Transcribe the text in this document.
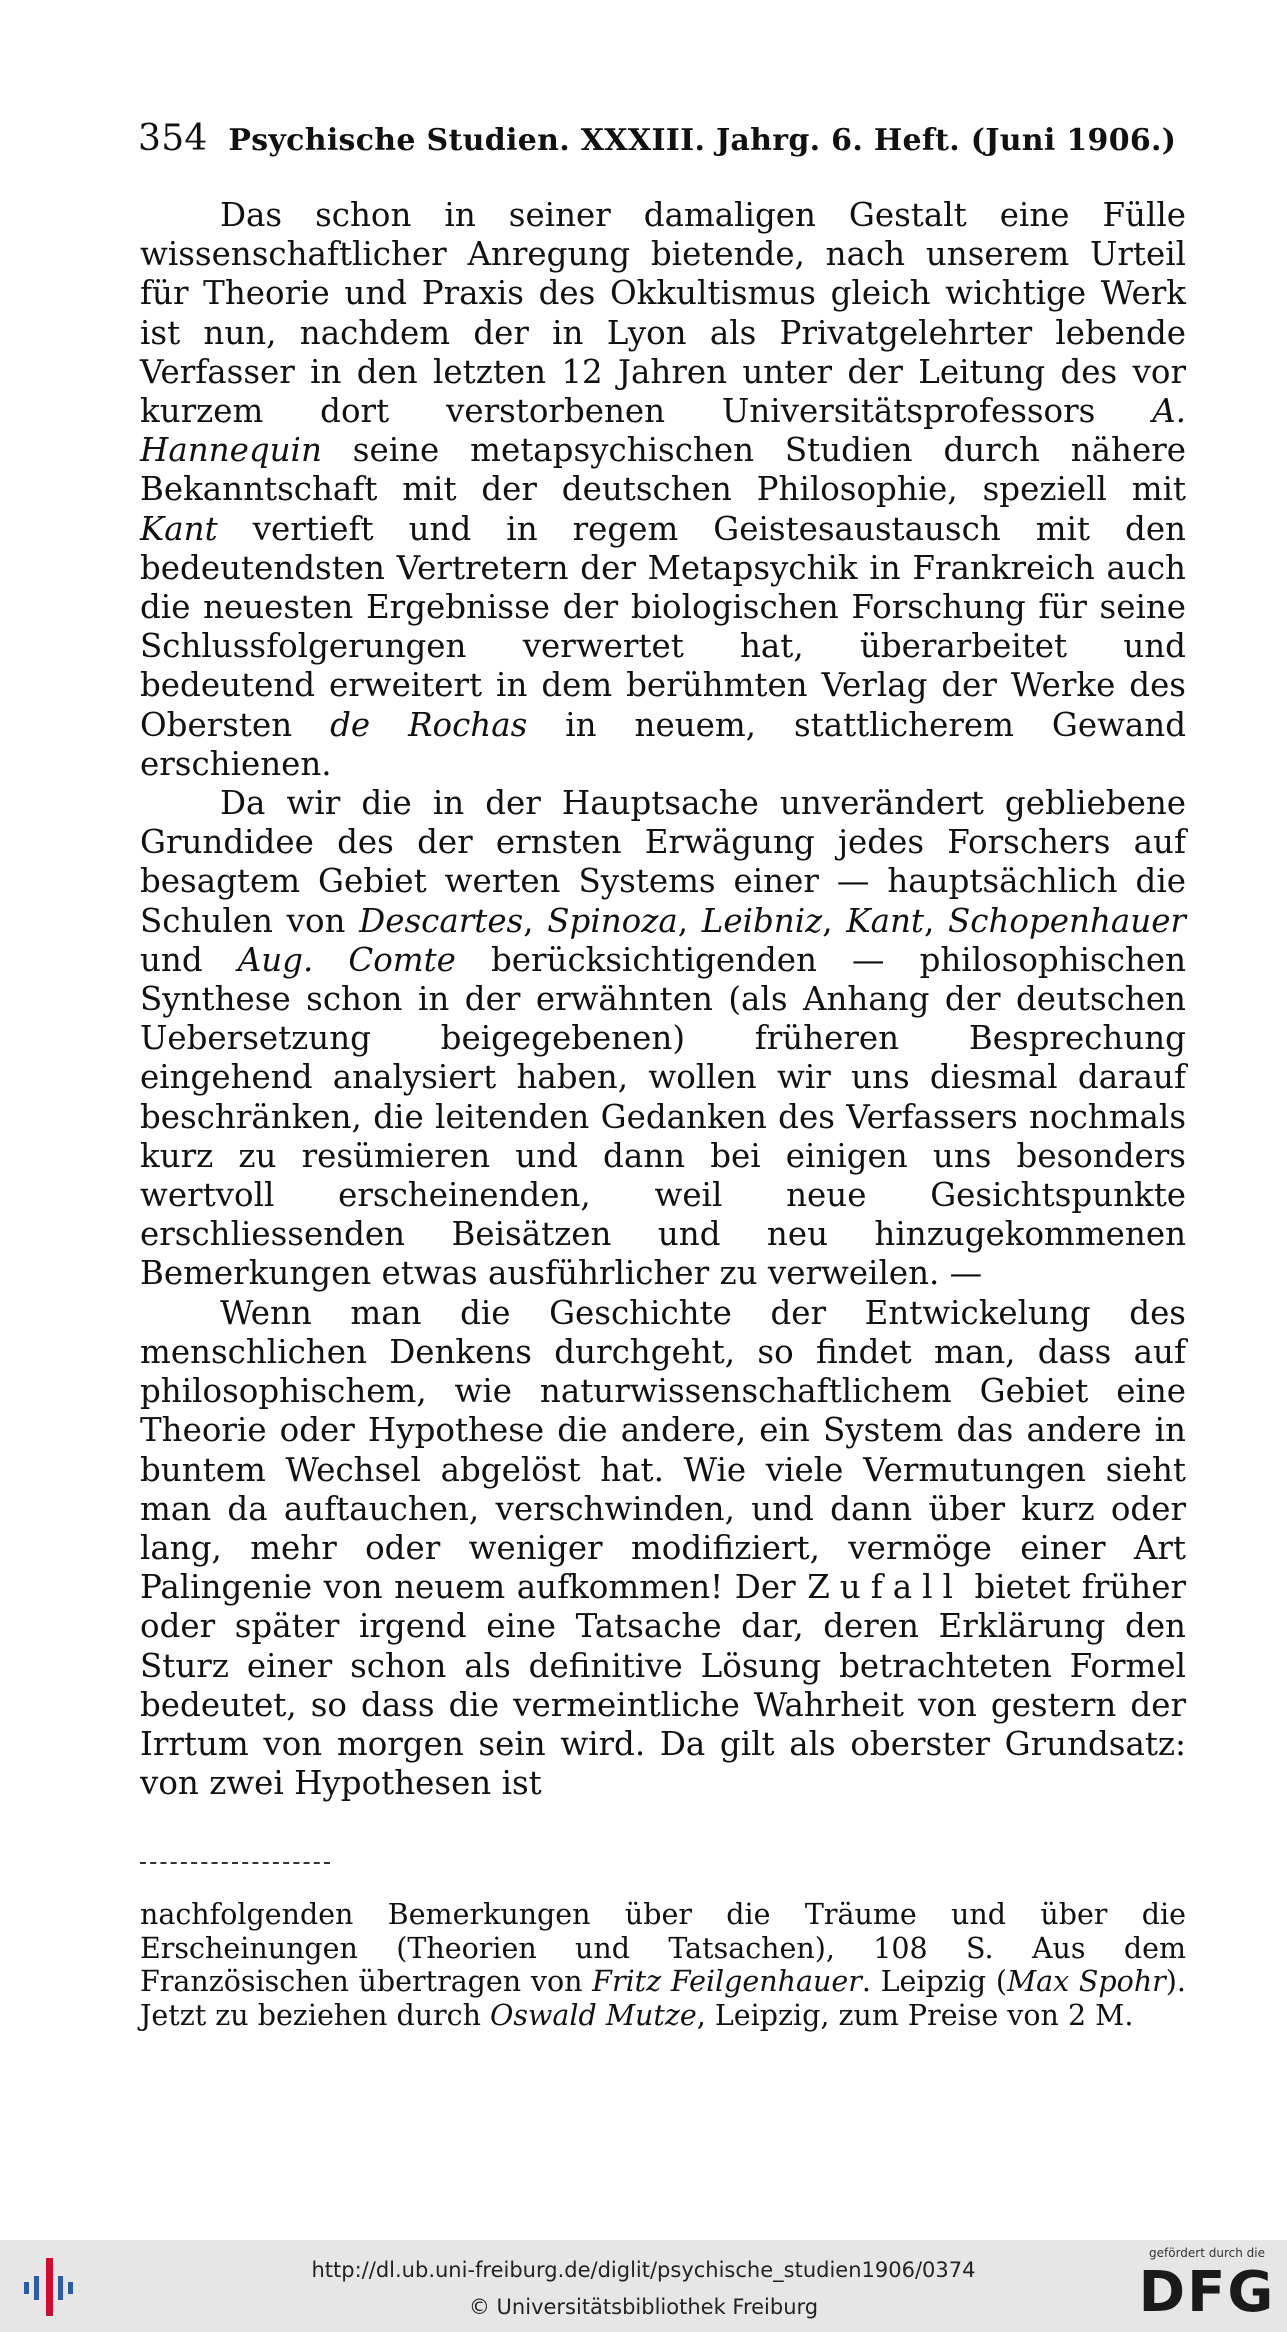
354 Psychische Studien. XXXIII. Jahrg. 6. Heft. (Juni 1906.)

Das schon in seiner damaligen Gestalt eine Fülle wissenschaftlicher Anregung bietende, nach unserem Urteil für Theorie und Praxis des Okkultismus gleich wichtige Werk ist nun, nachdem der in Lyon als Privatgelehrter lebende Verfasser in den letzten 12 Jahren unter der Leitung des vor kurzem dort verstorbenen Universitätsprofessors A. Hannequin seine metapsychischen Studien durch nähere Bekanntschaft mit der deutschen Philosophie, speziell mit Kant vertieft und in regem Geistesaustausch mit den bedeutendsten Vertretern der Metapsychik in Frankreich auch die neuesten Ergebnisse der biologischen Forschung für seine Schlussfolgerungen verwertet hat, überarbeitet und bedeutend erweitert in dem berühmten Verlag der Werke des Obersten de Rochas in neuem, stattlicherem Gewand erschienen.

Da wir die in der Hauptsache unverändert gebliebene Grundidee des der ernsten Erwägung jedes Forschers auf besagtem Gebiet werten Systems einer — hauptsächlich die Schulen von Descartes, Spinoza, Leibniz, Kant, Schopenhauer und Aug. Comte berücksichtigenden — philosophischen Synthese schon in der erwähnten (als Anhang der deutschen Uebersetzung beigegebenen) früheren Besprechung eingehend analysiert haben, wollen wir uns diesmal darauf beschränken, die leitenden Gedanken des Verfassers nochmals kurz zu resümieren und dann bei einigen uns besonders wertvoll erscheinenden, weil neue Gesichtspunkte erschliessenden Beisätzen und neu hinzugekommenen Bemerkungen etwas ausführlicher zu verweilen. —

Wenn man die Geschichte der Entwickelung des menschlichen Denkens durchgeht, so findet man, dass auf philosophischem, wie naturwissenschaftlichem Gebiet eine Theorie oder Hypothese die andere, ein System das andere in buntem Wechsel abgelöst hat. Wie viele Vermutungen sieht man da auftauchen, verschwinden, und dann über kurz oder lang, mehr oder weniger modifiziert, vermöge einer Art Palingenie von neuem aufkommen! Der Zufall bietet früher oder später irgend eine Tatsache dar, deren Erklärung den Sturz einer schon als definitive Lösung betrachteten Formel bedeutet, so dass die vermeintliche Wahrheit von gestern der Irrtum von morgen sein wird. Da gilt als oberster Grundsatz: von zwei Hypothesen ist

nachfolgenden Bemerkungen über die Träume und über die Erscheinungen (Theorien und Tatsachen), 108 S. Aus dem Französischen übertragen von Fritz Feilgenhauer. Leipzig (Max Spohr). Jetzt zu beziehen durch Oswald Mutze, Leipzig, zum Preise von 2 M.
http://dl.ub.uni-freiburg.de/diglit/psychische_studien1906/0374
© Universitätsbibliothek Freiburg
gefördert durch die
DFG
